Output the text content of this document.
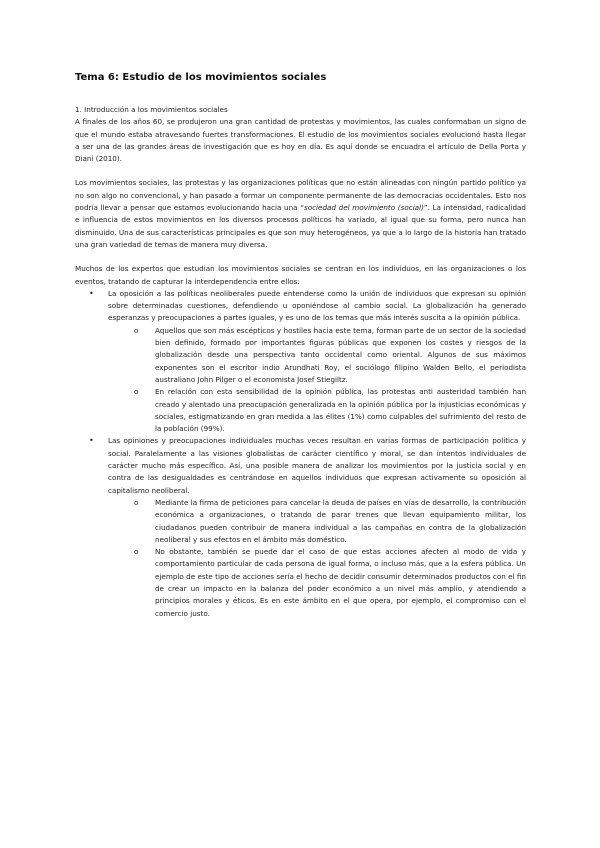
Tema 6: Estudio de los movimientos sociales

1. Introducción a los movimientos sociales

A finales de los años 60, se produjeron una gran cantidad de protestas y movimientos, las cuales conformaban un signo de que el mundo estaba atravesando fuertes transformaciones. El estudio de los movimientos sociales evolucionó hasta llegar a ser una de las grandes áreas de investigación que es hoy en día. Es aquí donde se encuadra el artículo de Della Porta y Diani (2010).

Los movimientos sociales, las protestas y las organizaciones políticas que no están alineadas con ningún partido político ya no son algo no convencional, y han pasado a formar un componente permanente de las democracias occidentales. Esto nos podría llevar a pensar que estamos evolucionando hacia una “sociedad del movimiento (social)”. La intensidad, radicalidad e influencia de estos movimientos en los diversos procesos políticos ha variado, al igual que su forma, pero nunca han disminuido. Una de sus características principales es que son muy heterogéneos, ya que a lo largo de la historia han tratado una gran variedad de temas de manera muy diversa.

Muchos de los expertos que estudian los movimientos sociales se centran en los individuos, en las organizaciones o los eventos, tratando de capturar la interdependencia entre ellos:

• La oposición a las políticas neoliberales puede entenderse como la unión de individuos que expresan su opinión sobre determinadas cuestiones, defendiendo u oponiéndose al cambio social. La globalización ha generado esperanzas y preocupaciones a partes iguales, y es uno de los temas que más interés suscita a la opinión pública.
o Aquellos que son más escépticos y hostiles hacia este tema, forman parte de un sector de la sociedad bien definido, formado por importantes figuras públicas que exponen los costes y riesgos de la globalización desde una perspectiva tanto occidental como oriental. Algunos de sus máximos exponentes son el escritor indio Arundhati Roy, el sociólogo filipino Walden Bello, el periodista australiano John Pilger o el economista Josef Stiegiltz.
o En relación con esta sensibilidad de la opinión pública, las protestas anti austeridad también han creado y alentado una preocupación generalizada en la opinión pública por la injusticias económicas y sociales, estigmatizando en gran medida a las élites (1%) como culpables del sufrimiento del resto de la población (99%).
• Las opiniones y preocupaciones individuales muchas veces resultan en varias formas de participación política y social. Paralelamente a las visiones globalistas de carácter científico y moral, se dan intentos individuales de carácter mucho más específico. Así, una posible manera de analizar los movimientos por la justicia social y en contra de las desigualdades es centrándose en aquellos individuos que expresan activamente su oposición al capitalismo neoliberal.
o Mediante la firma de peticiones para cancelar la deuda de países en vías de desarrollo, la contribución económica a organizaciones, o tratando de parar trenes que llevan equipamiento militar, los ciudadanos pueden contribuir de manera individual a las campañas en contra de la globalización neoliberal y sus efectos en el ámbito más doméstico.
o No obstante, también se puede dar el caso de que estas acciones afecten al modo de vida y comportamiento particular de cada persona de igual forma, o incluso más, que a la esfera pública. Un ejemplo de este tipo de acciones sería el hecho de decidir consumir determinados productos con el fin de crear un impacto en la balanza del poder económico a un nivel más amplio, y atendiendo a principios morales y éticos. Es en este ámbito en el que opera, por ejemplo, el compromiso con el comercio justo.
